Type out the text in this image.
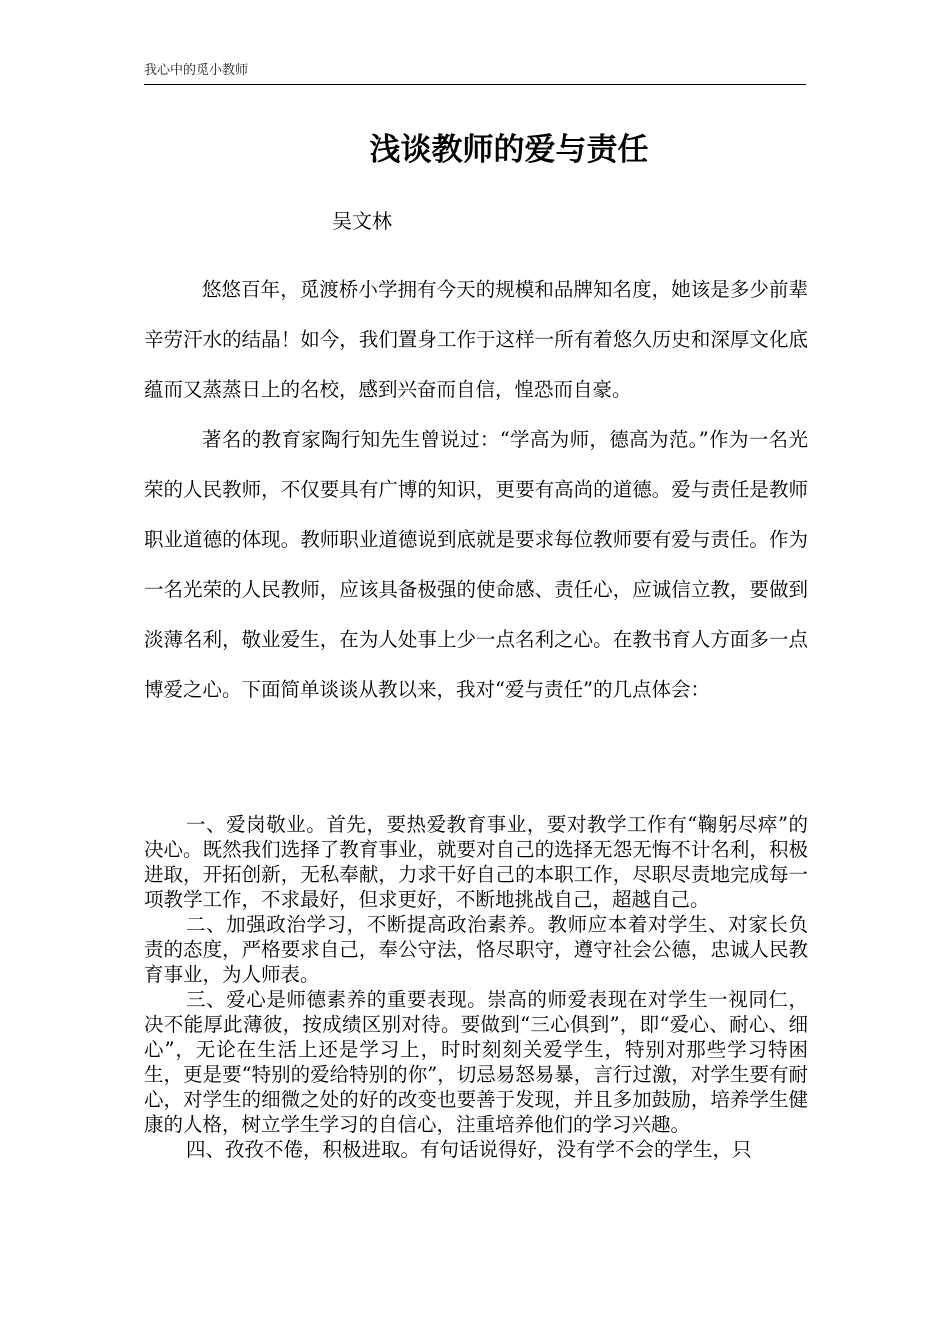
我心中的觅小教师
浅谈教师的爱与责任
吴文林

悠悠百年，觅渡桥小学拥有今天的规模和品牌知名度，她该是多少前辈辛劳汗水的结晶！如今，我们置身工作于这样一所有着悠久历史和深厚文化底蕴而又蒸蒸日上的名校，感到兴奋而自信，惶恐而自豪。

著名的教育家陶行知先生曾说过：“学高为师，德高为范。”作为一名光荣的人民教师，不仅要具有广博的知识，更要有高尚的道德。爱与责任是教师职业道德的体现。教师职业道德说到底就是要求每位教师要有爱与责任。作为一名光荣的人民教师，应该具备极强的使命感、责任心，应诚信立教，要做到淡薄名利，敬业爱生，在为人处事上少一点名利之心。在教书育人方面多一点博爱之心。下面简单谈谈从教以来，我对“爱与责任”的几点体会：

一、爱岗敬业。首先，要热爱教育事业，要对教学工作有“鞠躬尽瘁”的决心。既然我们选择了教育事业，就要对自己的选择无怨无悔不计名利，积极进取，开拓创新，无私奉献，力求干好自己的本职工作，尽职尽责地完成每一项教学工作，不求最好，但求更好，不断地挑战自己，超越自己。

二、加强政治学习，不断提高政治素养。教师应本着对学生、对家长负责的态度，严格要求自己，奉公守法，恪尽职守，遵守社会公德，忠诚人民教育事业，为人师表。

三、爱心是师德素养的重要表现。崇高的师爱表现在对学生一视同仁，决不能厚此薄彼，按成绩区别对待。要做到“三心俱到”，即“爱心、耐心、细心”，无论在生活上还是学习上，时时刻刻关爱学生，特别对那些学习特困生，更是要“特别的爱给特别的你”，切忌易怒易暴，言行过激，对学生要有耐心，对学生的细微之处的好的改变也要善于发现，并且多加鼓励，培养学生健康的人格，树立学生学习的自信心，注重培养他们的学习兴趣。

四、孜孜不倦，积极进取。有句话说得好，没有学不会的学生，只
